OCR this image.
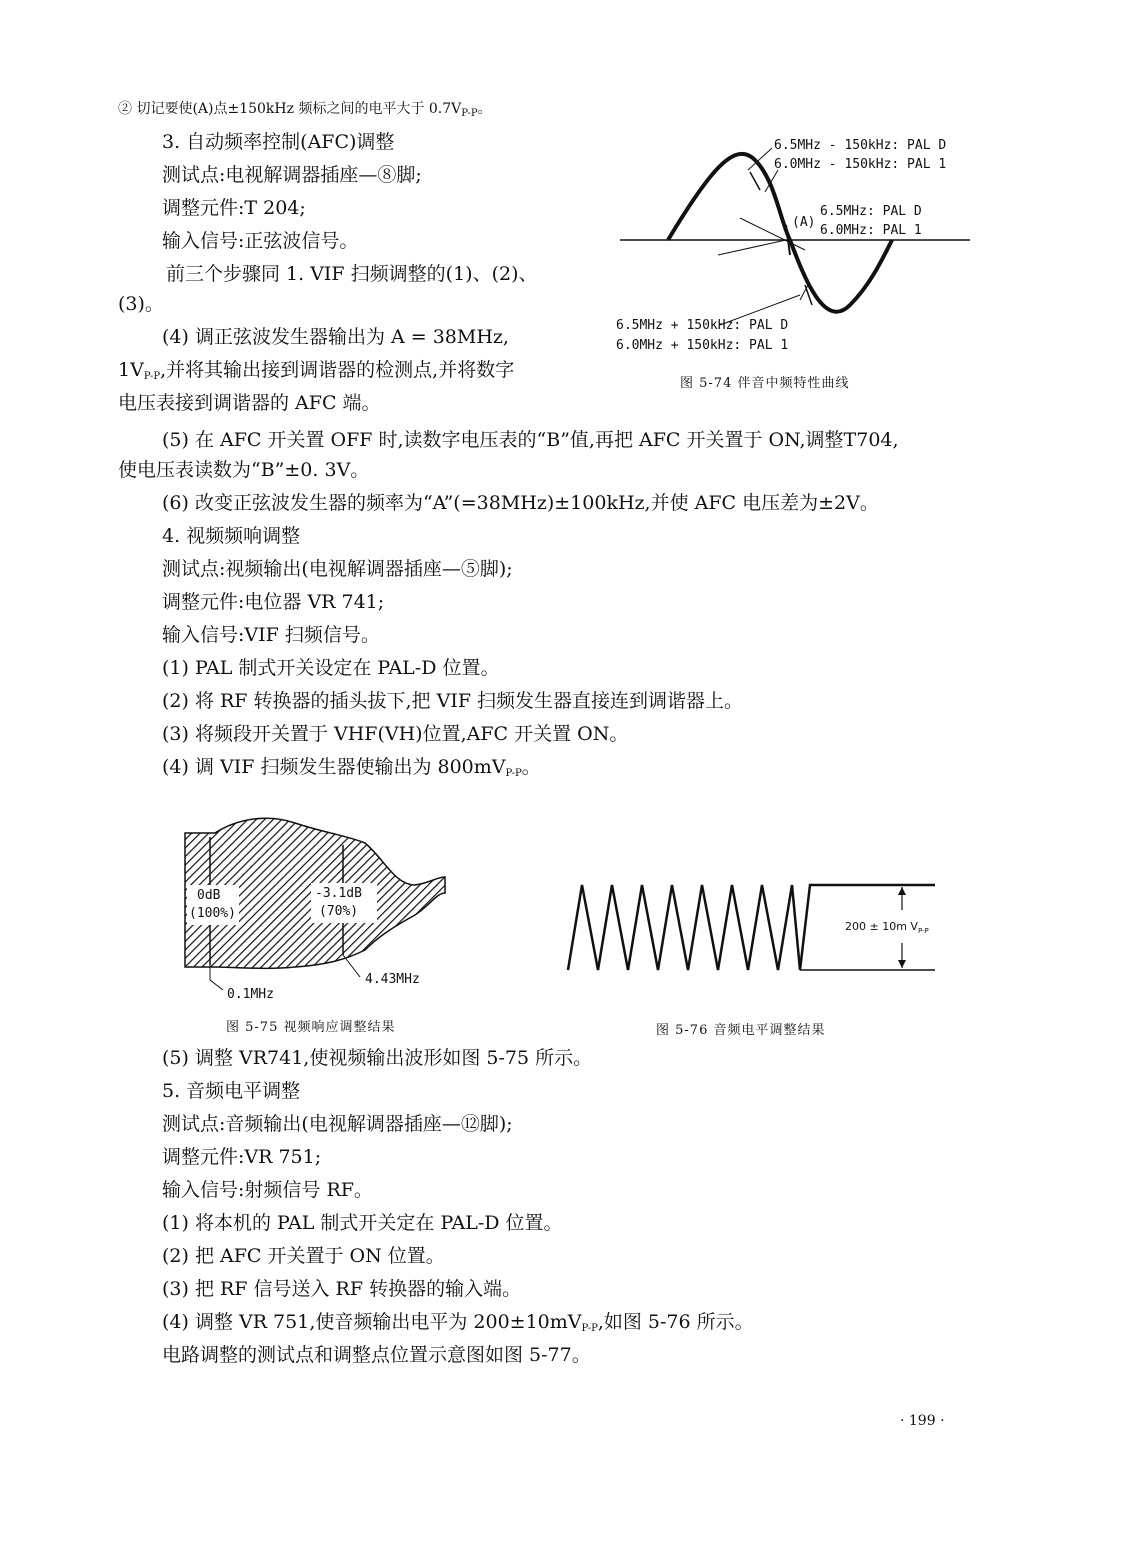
② 切记要使(A)点±150kHz 频标之间的电平大于 $0.7V_{P-P}$。
3. 自动频率控制(AFC)调整
测试点:电视解调器插座—⑧脚;
调整元件:T 204;
输入信号:正弦波信号。
前三个步骤同 1. VIF 扫频调整的(1)、(2)、
(3)。
(4) 调正弦波发生器输出为 A = 38MHz,
$1V_{P-P}$,并将其输出接到调谐器的检测点,并将数字
电压表接到调谐器的 AFC 端。
6.5MHz - 150kHz: PAL D
6.0MHz - 150kHz: PAL 1
(A)
6.5MHz: PAL D
6.0MHz: PAL 1
6.5MHz + 150kHz: PAL D
6.0MHz + 150kHz: PAL 1
图 5-74 伴音中频特性曲线
(5) 在 AFC 开关置 OFF 时,读数字电压表的“B”值,再把 AFC 开关置于 ON,调整T704,
使电压表读数为“B”±0. 3V。
(6) 改变正弦波发生器的频率为“A”(=38MHz)±100kHz,并使 AFC 电压差为±2V。
4. 视频频响调整
测试点:视频输出(电视解调器插座—⑤脚);
调整元件:电位器 VR 741;
输入信号:VIF 扫频信号。
(1) PAL 制式开关设定在 PAL-D 位置。
(2) 将 RF 转换器的插头拔下,把 VIF 扫频发生器直接连到调谐器上。
(3) 将频段开关置于 VHF(VH)位置,AFC 开关置 ON。
(4) 调 VIF 扫频发生器使输出为 $800mV_{P-P}$。
0dB
(100%)
-3.1dB
(70%)
0.1MHz
4.43MHz
图 5-75 视频响应调整结果
200 ± 10m $V_{P-P}$
图 5-76 音频电平调整结果
(5) 调整 VR741,使视频输出波形如图 5-75 所示。
5. 音频电平调整
测试点:音频输出(电视解调器插座—⑫脚);
调整元件:VR 751;
输入信号:射频信号 RF。
(1) 将本机的 PAL 制式开关定在 PAL-D 位置。
(2) 把 AFC 开关置于 ON 位置。
(3) 把 RF 信号送入 RF 转换器的输入端。
(4) 调整 VR 751,使音频输出电平为 $200\pm 10mV_{P-P}$,如图 5-76 所示。
电路调整的测试点和调整点位置示意图如图 5-77。
· 199 ·
